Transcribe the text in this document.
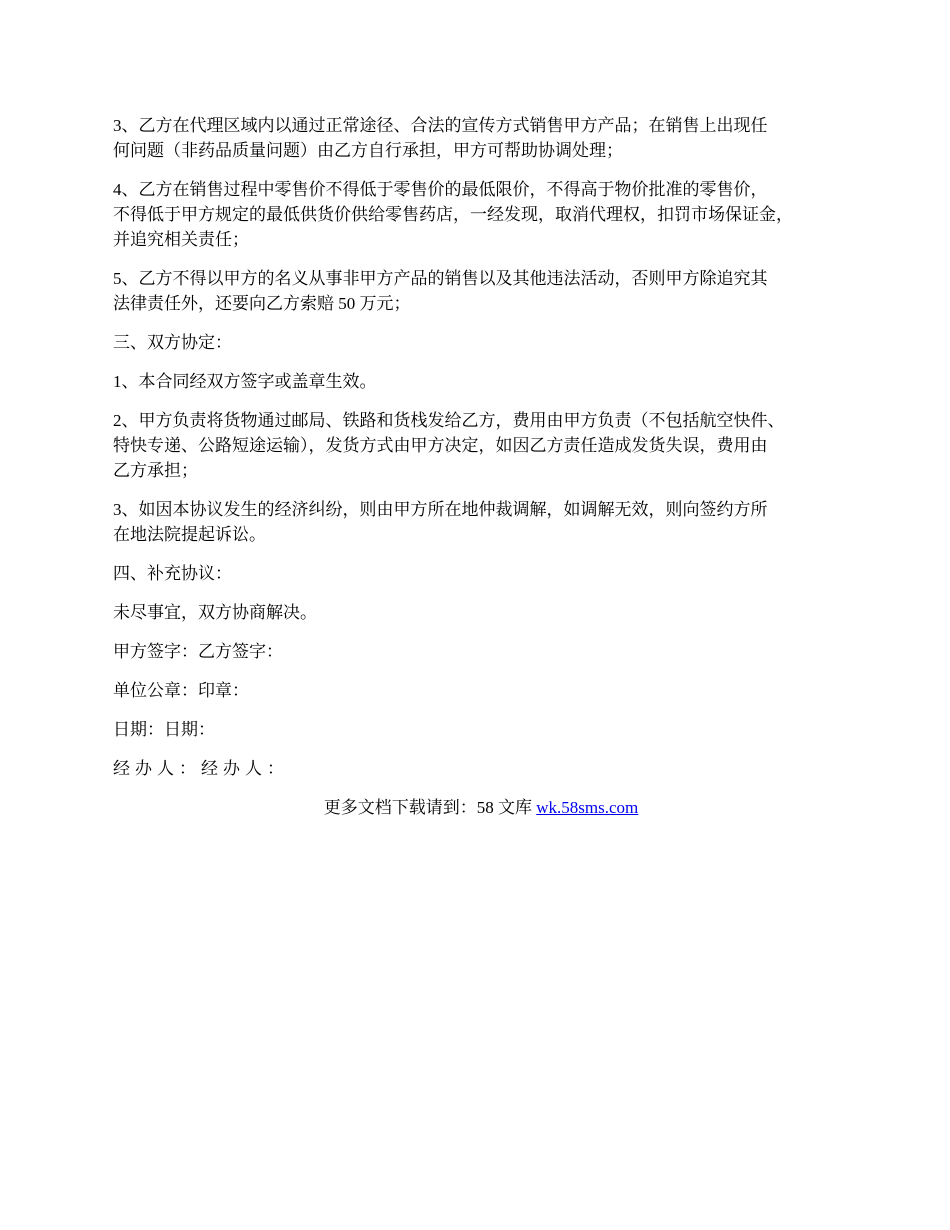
3、乙方在代理区域内以通过正常途径、合法的宣传方式销售甲方产品；在销售上出现任
何问题（非药品质量问题）由乙方自行承担，甲方可帮助协调处理；
4、乙方在销售过程中零售价不得低于零售价的最低限价，不得高于物价批准的零售价，
不得低于甲方规定的最低供货价供给零售药店，一经发现，取消代理权，扣罚市场保证金，
并追究相关责任；
5、乙方不得以甲方的名义从事非甲方产品的销售以及其他违法活动，否则甲方除追究其
法律责任外，还要向乙方索赔 50 万元；
三、双方协定：
1、本合同经双方签字或盖章生效。
2、甲方负责将货物通过邮局、铁路和货栈发给乙方，费用由甲方负责（不包括航空快件、
特快专递、公路短途运输），发货方式由甲方决定，如因乙方责任造成发货失误，费用由
乙方承担；
3、如因本协议发生的经济纠纷，则由甲方所在地仲裁调解，如调解无效，则向签约方所
在地法院提起诉讼。
四、补充协议：
未尽事宜，双方协商解决。
甲方签字：乙方签字：
单位公章：印章：
日期：日期：
经办人：经办人：
更多文档下载请到：58 文库 wk.58sms.com
